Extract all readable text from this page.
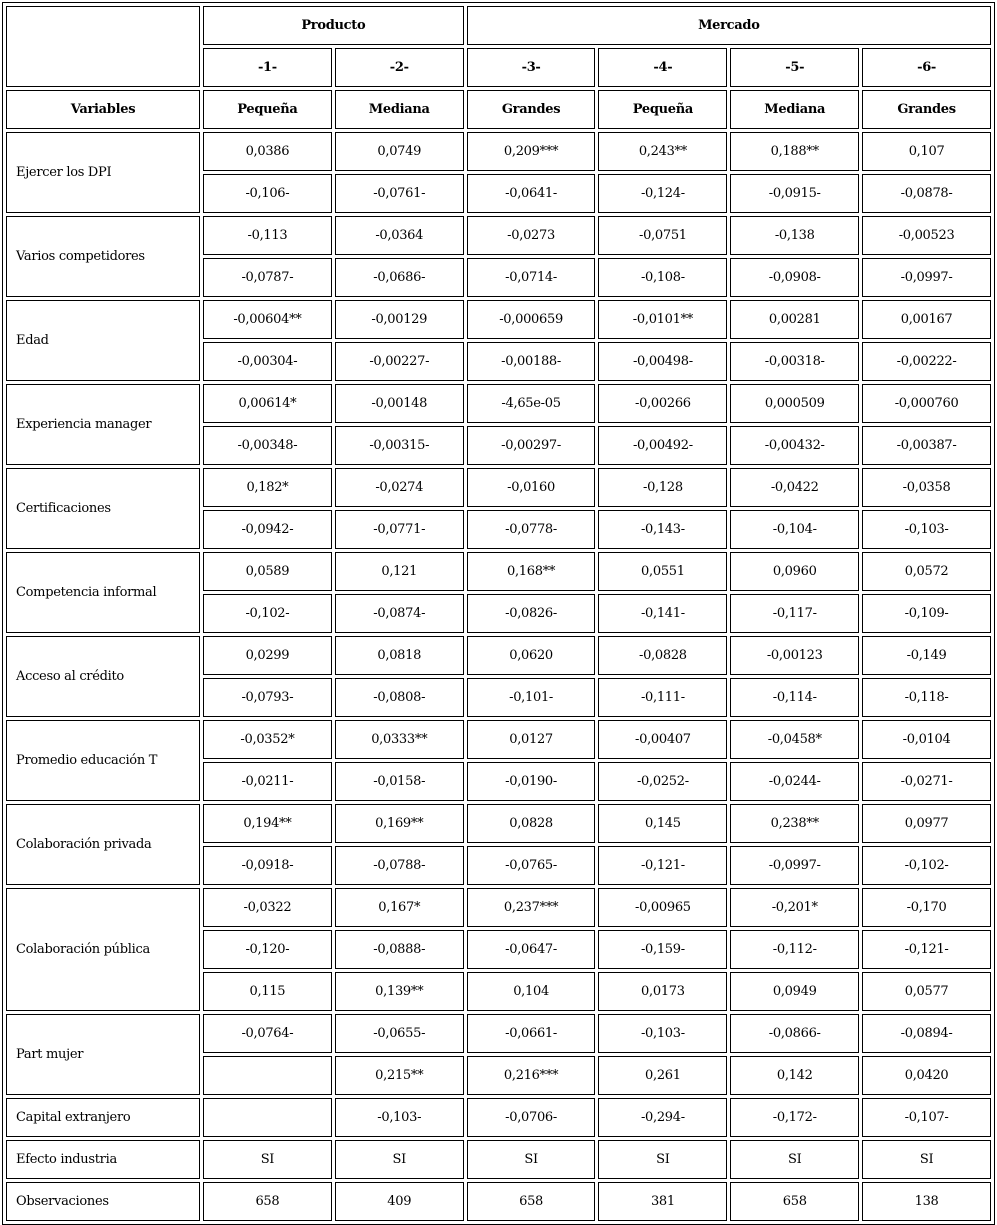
	Producto		Mercado			
	-1-	-2-	-3-	-4-	-5-	-6-
Variables	Pequeña	Mediana	Grandes	Pequeña	Mediana	Grandes
Ejercer los DPI	0,0386	0,0749	0,209***	0,243**	0,188**	0,107
	-0,106-	-0,0761-	-0,0641-	-0,124-	-0,0915-	-0,0878-
Varios competidores	-0,113	-0,0364	-0,0273	-0,0751	-0,138	-0,00523
	-0,0787-	-0,0686-	-0,0714-	-0,108-	-0,0908-	-0,0997-
Edad	-0,00604**	-0,00129	-0,000659	-0,0101**	0,00281	0,00167
	-0,00304-	-0,00227-	-0,00188-	-0,00498-	-0,00318-	-0,00222-
Experiencia manager	0,00614*	-0,00148	-4,65e-05	-0,00266	0,000509	-0,000760
	-0,00348-	-0,00315-	-0,00297-	-0,00492-	-0,00432-	-0,00387-
Certificaciones	0,182*	-0,0274	-0,0160	-0,128	-0,0422	-0,0358
	-0,0942-	-0,0771-	-0,0778-	-0,143-	-0,104-	-0,103-
Competencia informal	0,0589	0,121	0,168**	0,0551	0,0960	0,0572
	-0,102-	-0,0874-	-0,0826-	-0,141-	-0,117-	-0,109-
Acceso al crédito	0,0299	0,0818	0,0620	-0,0828	-0,00123	-0,149
	-0,0793-	-0,0808-	-0,101-	-0,111-	-0,114-	-0,118-
Promedio educación T	-0,0352*	0,0333**	0,0127	-0,00407	-0,0458*	-0,0104
	-0,0211-	-0,0158-	-0,0190-	-0,0252-	-0,0244-	-0,0271-
Colaboración privada	0,194**	0,169**	0,0828	0,145	0,238**	0,0977
	-0,0918-	-0,0788-	-0,0765-	-0,121-	-0,0997-	-0,102-
Colaboración pública	-0,0322	0,167*	0,237***	-0,00965	-0,201*	-0,170
	-0,120-	-0,0888-	-0,0647-	-0,159-	-0,112-	-0,121-
	0,115	0,139**	0,104	0,0173	0,0949	0,0577
Part mujer	-0,0764-	-0,0655-	-0,0661-	-0,103-	-0,0866-	-0,0894-
		0,215**	0,216***	0,261	0,142	0,0420
Capital extranjero		-0,103-	-0,0706-	-0,294-	-0,172-	-0,107-
Efecto industria	SI	SI	SI	SI	SI	SI
Observaciones	658	409	658	381	658	138
